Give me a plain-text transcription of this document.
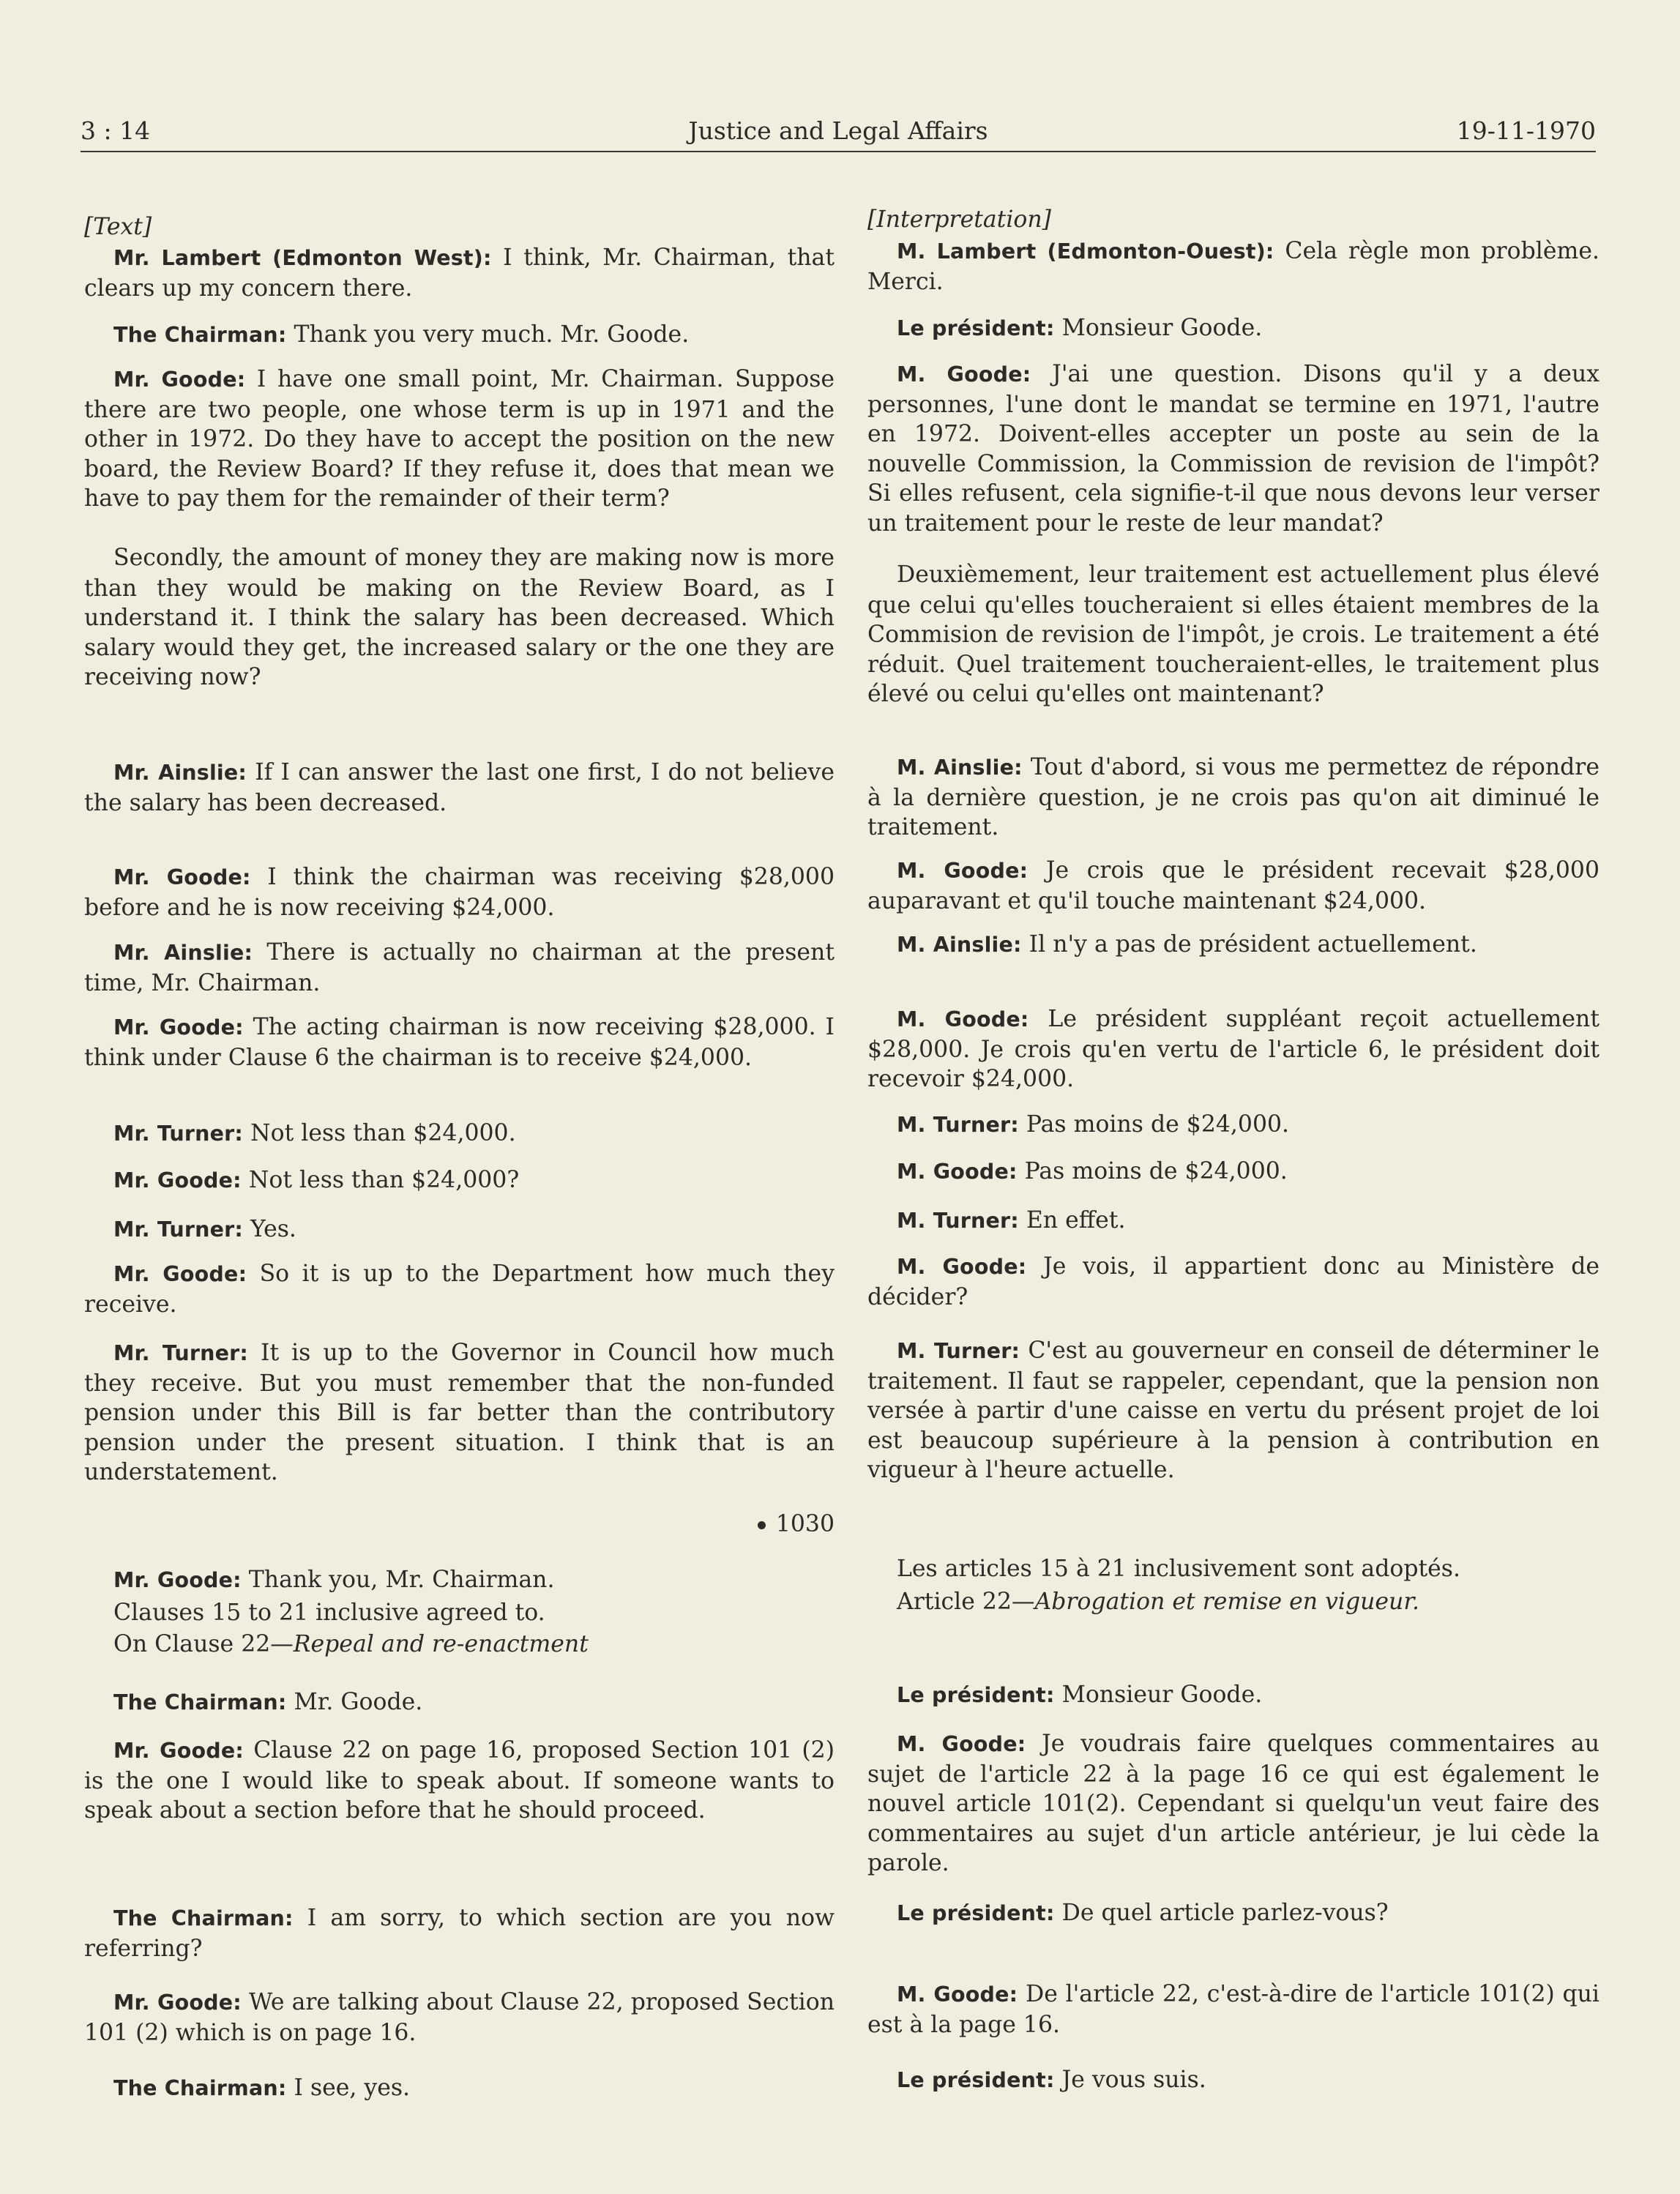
3 : 14	Justice and Legal Affairs	19-11-1970

[Text]

Mr. Lambert (Edmonton West): I think, Mr. Chairman, that clears up my concern there.

The Chairman: Thank you very much. Mr. Goode.

Mr. Goode: I have one small point, Mr. Chairman. Suppose there are two people, one whose term is up in 1971 and the other in 1972. Do they have to accept the position on the new board, the Review Board? If they refuse it, does that mean we have to pay them for the remainder of their term?

Secondly, the amount of money they are making now is more than they would be making on the Review Board, as I understand it. I think the salary has been decreased. Which salary would they get, the increased salary or the one they are receiving now?

Mr. Ainslie: If I can answer the last one first, I do not believe the salary has been decreased.

Mr. Goode: I think the chairman was receiving $28,000 before and he is now receiving $24,000.

Mr. Ainslie: There is actually no chairman at the present time, Mr. Chairman.

Mr. Goode: The acting chairman is now receiving $28,000. I think under Clause 6 the chairman is to receive $24,000.

Mr. Turner: Not less than $24,000.

Mr. Goode: Not less than $24,000?

Mr. Turner: Yes.

Mr. Goode: So it is up to the Department how much they receive.

Mr. Turner: It is up to the Governor in Council how much they receive. But you must remember that the non-funded pension under this Bill is far better than the contributory pension under the present situation. I think that is an understatement.

1030

Mr. Goode: Thank you, Mr. Chairman.

Clauses 15 to 21 inclusive agreed to.

On Clause 22—Repeal and re-enactment

The Chairman: Mr. Goode.

Mr. Goode: Clause 22 on page 16, proposed Section 101 (2) is the one I would like to speak about. If someone wants to speak about a section before that he should proceed.

The Chairman: I am sorry, to which section are you now referring?

Mr. Goode: We are talking about Clause 22, proposed Section 101 (2) which is on page 16.

The Chairman: I see, yes.

[Interpretation]

M. Lambert (Edmonton-Ouest): Cela règle mon problème. Merci.

Le président: Monsieur Goode.

M. Goode: J'ai une question. Disons qu'il y a deux personnes, l'une dont le mandat se termine en 1971, l'autre en 1972. Doivent-elles accepter un poste au sein de la nouvelle Commission, la Commission de revision de l'impôt? Si elles refusent, cela signifie-t-il que nous devons leur verser un traitement pour le reste de leur mandat?

Deuxièmement, leur traitement est actuellement plus élevé que celui qu'elles toucheraient si elles étaient membres de la Commision de revision de l'impôt, je crois. Le traitement a été réduit. Quel traitement toucheraient-elles, le traitement plus élevé ou celui qu'elles ont maintenant?

M. Ainslie: Tout d'abord, si vous me permettez de répondre à la dernière question, je ne crois pas qu'on ait diminué le traitement.

M. Goode: Je crois que le président recevait $28,000 auparavant et qu'il touche maintenant $24,000.

M. Ainslie: Il n'y a pas de président actuellement.

M. Goode: Le président suppléant reçoit actuellement $28,000. Je crois qu'en vertu de l'article 6, le président doit recevoir $24,000.

M. Turner: Pas moins de $24,000.

M. Goode: Pas moins de $24,000.

M. Turner: En effet.

M. Goode: Je vois, il appartient donc au Ministère de décider?

M. Turner: C'est au gouverneur en conseil de déterminer le traitement. Il faut se rappeler, cependant, que la pension non versée à partir d'une caisse en vertu du présent projet de loi est beaucoup supérieure à la pension à contribution en vigueur à l'heure actuelle.

Les articles 15 à 21 inclusivement sont adoptés.

Article 22—Abrogation et remise en vigueur.

Le président: Monsieur Goode.

M. Goode: Je voudrais faire quelques commentaires au sujet de l'article 22 à la page 16 ce qui est également le nouvel article 101(2). Cependant si quelqu'un veut faire des commentaires au sujet d'un article antérieur, je lui cède la parole.

Le président: De quel article parlez-vous?

M. Goode: De l'article 22, c'est-à-dire de l'article 101(2) qui est à la page 16.

Le président: Je vous suis.
